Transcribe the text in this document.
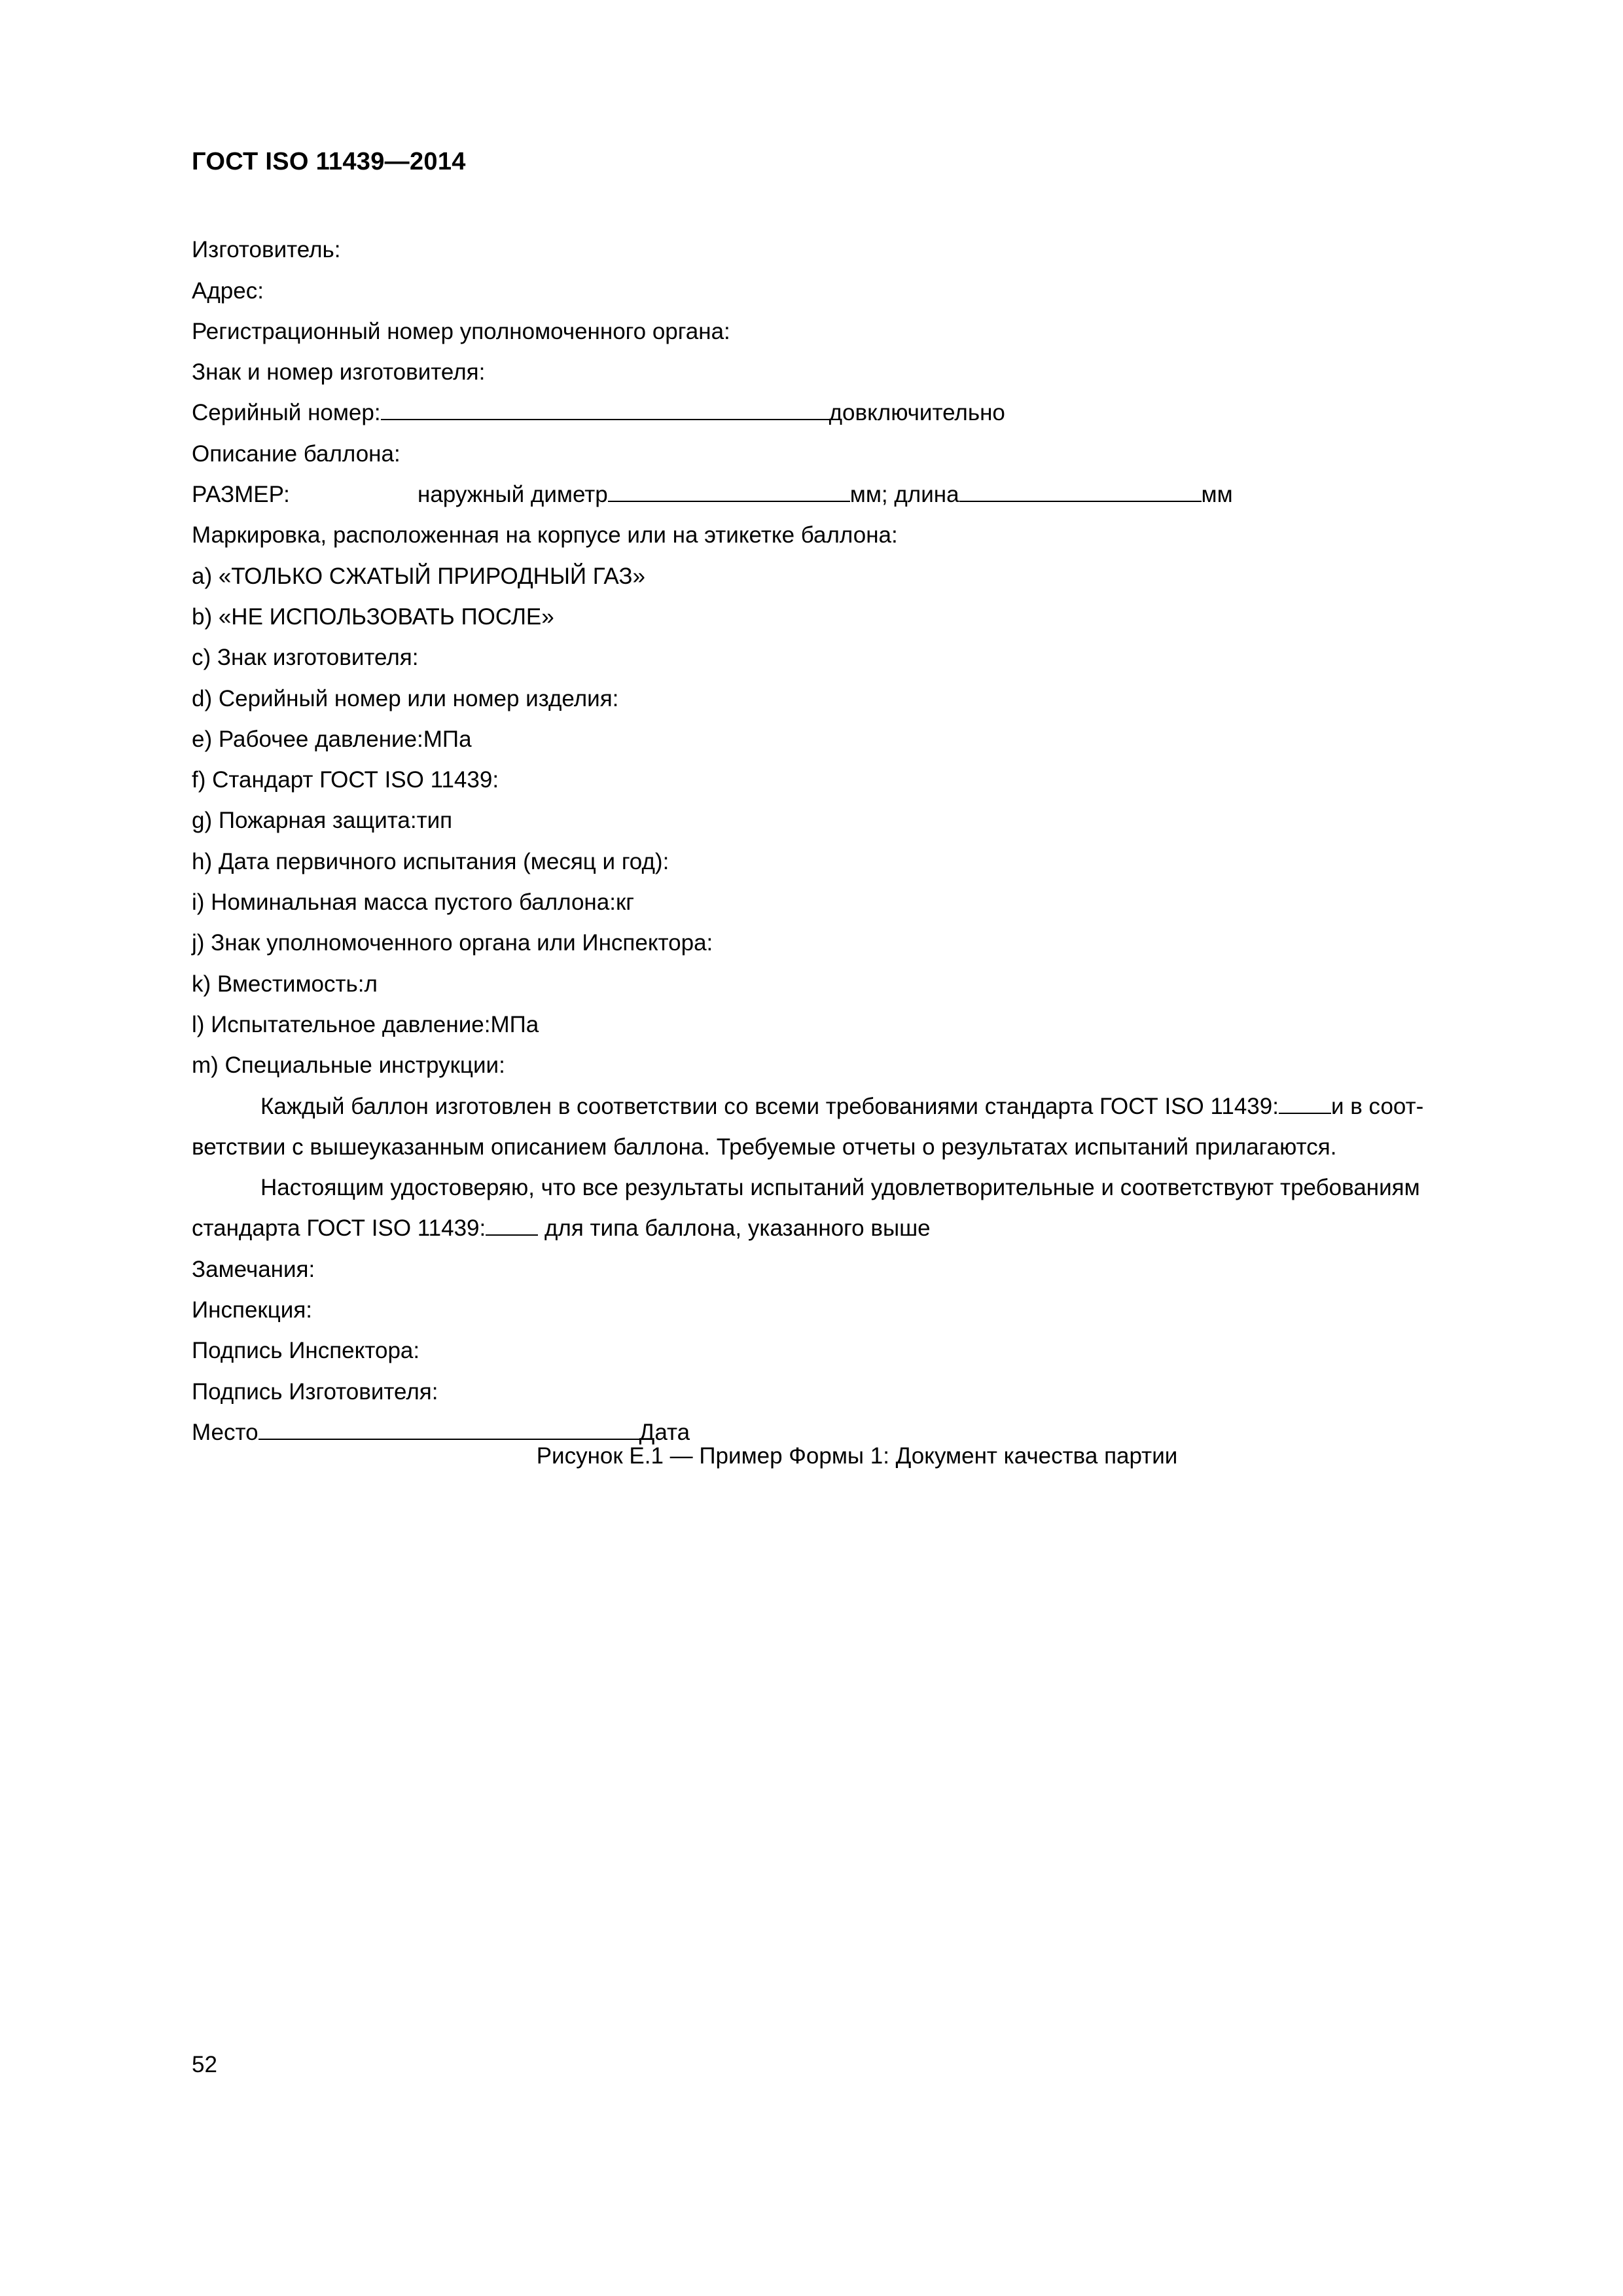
ГОСТ ISO 11439—2014
Изготовитель:
Адрес:
Регистрационный номер уполномоченного органа:
Знак и номер изготовителя:
Серийный номер:	до включительно
Описание баллона:
РАЗМЕР:	наружный диметр	мм; длина	мм
Маркировка, расположенная на корпусе или на этикетке баллона:
а) «ТОЛЬКО СЖАТЫЙ ПРИРОДНЫЙ ГАЗ»
b) «НЕ ИСПОЛЬЗОВАТЬ ПОСЛЕ»
с) Знак изготовителя:
d) Серийный номер или номер изделия:
е) Рабочее давление: МПа
f) Стандарт ГОСТ ISO 11439:
g) Пожарная защита: тип
h) Дата первичного испытания (месяц и год):
i) Номинальная масса пустого баллона: кг
j) Знак уполномоченного органа или Инспектора:
k) Вместимость: л
l) Испытательное давление: МПа
m) Специальные инструкции:
Каждый баллон изготовлен в соответствии со всеми требованиями стандарта ГОСТ ISO 11439: и в соот-
ветствии с вышеуказанным описанием баллона. Требуемые отчеты о результатах испытаний прилагаются.
Настоящим удостоверяю, что все результаты испытаний удовлетворительные и соответствуют требованиям
стандарта ГОСТ ISO 11439: для типа баллона, указанного выше
Замечания:
Инспекция:
Подпись Инспектора:
Подпись Изготовителя:
Место	Дата
Рисунок Е.1 — Пример Формы 1: Документ качества партии
52
